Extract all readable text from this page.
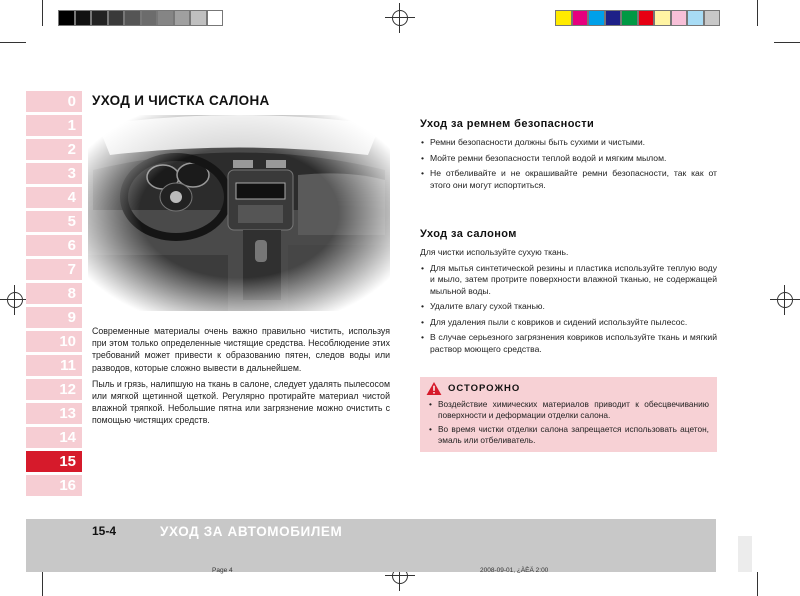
0
1
2
3
4
5
6
7
8
9
10
11
12
13
14
15
16
УХОД И ЧИСТКА САЛОНА

Современные материалы очень важно правильно чистить, используя при этом только определенные чистящие средства. Несоблюдение этих требований может привести к образованию пятен, следов воды или разводов, которые сложно вывести в дальнейшем.

Пыль и грязь, налипшую на ткань в салоне, следует удалять пылесосом или мягкой щетинной щеткой. Регулярно протирайте материал чистой влажной тряпкой. Небольшие пятна или загрязнение можно очистить с помощью чистящих средств.

Уход за ремнем безопасности
• Ремни безопасности должны быть сухими и чистыми.
• Мойте ремни безопасности теплой водой и мягким мылом.
• Не отбеливайте и не окрашивайте ремни безопасности, так как от этого они могут испортиться.
Уход за салоном
Для чистки используйте сухую ткань.
• Для мытья синтетической резины и пластика используйте теплую воду и мыло, затем протрите поверхности влажной тканью, не содержащей мыльной воды.
• Удалите влагу сухой тканью.
• Для удаления пыли с ковриков и сидений используйте пылесос.
• В случае серьезного загрязнения ковриков используйте ткань и мягкий раствор моющего средства.
ОСТОРОЖНО
• Воздействие химических материалов приводит к обесцвечиванию поверхности и деформации отделки салона.
• Во время чистки отделки салона запрещается использовать ацетон, эмаль или отбеливатель.
15-4	УХОД ЗА АВТОМОБИЛЕМ
Page 4	2008-09-01, ¿ÀÈÄ 2:00
